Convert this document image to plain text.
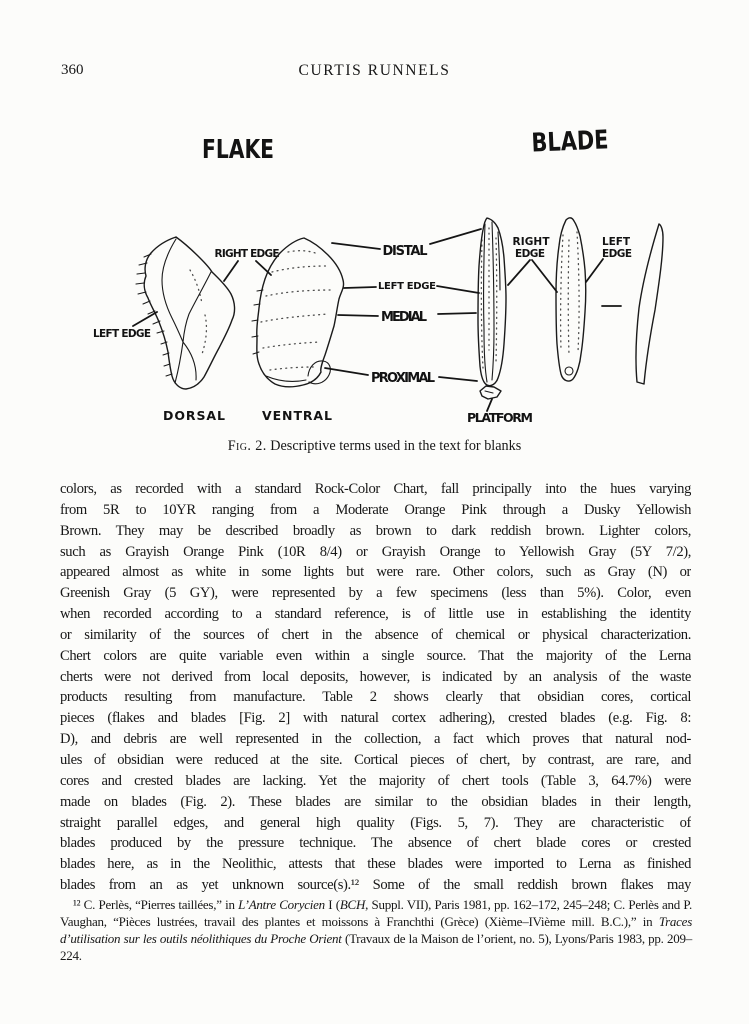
360	CURTIS RUNNELS
FLAKE	BLADE
RIGHT EDGE
LEFT EDGE
DISTAL
LEFT EDGE
MEDIAL
PROXIMAL
RIGHT
EDGE
LEFT
EDGE
DORSAL	VENTRAL	PLATFORM
Fig. 2. Descriptive terms used in the text for blanks
colors, as recorded with a standard Rock-Color Chart, fall principally into the hues varying
from 5R to 10YR ranging from a Moderate Orange Pink through a Dusky Yellowish
Brown. They may be described broadly as brown to dark reddish brown. Lighter colors,
such as Grayish Orange Pink (10R 8/4) or Grayish Orange to Yellowish Gray (5Y 7/2),
appeared almost as white in some lights but were rare. Other colors, such as Gray (N) or
Greenish Gray (5 GY), were represented by a few specimens (less than 5%). Color, even
when recorded according to a standard reference, is of little use in establishing the identity
or similarity of the sources of chert in the absence of chemical or physical characterization.
Chert colors are quite variable even within a single source. That the majority of the Lerna
cherts were not derived from local deposits, however, is indicated by an analysis of the waste
products resulting from manufacture. Table 2 shows clearly that obsidian cores, cortical
pieces (flakes and blades [Fig. 2] with natural cortex adhering), crested blades (e.g. Fig. 8:
D), and debris are well represented in the collection, a fact which proves that natural nod-
ules of obsidian were reduced at the site. Cortical pieces of chert, by contrast, are rare, and
cores and crested blades are lacking. Yet the majority of chert tools (Table 3, 64.7%) were
made on blades (Fig. 2). These blades are similar to the obsidian blades in their length,
straight parallel edges, and general high quality (Figs. 5, 7). They are characteristic of
blades produced by the pressure technique. The absence of chert blade cores or crested
blades here, as in the Neolithic, attests that these blades were imported to Lerna as finished
blades from an as yet unknown source(s).¹² Some of the small reddish brown flakes may
¹² C. Perlès, “Pierres taillées,” in L’Antre Corycien I (BCH, Suppl. VII), Paris 1981, pp. 162–172, 245–248; C. Perlès and P. Vaughan, “Pièces lustrées, travail des plantes et moissons à Franchthi (Grèce) (Xième–IVième mill. B.C.),” in Traces d’utilisation sur les outils néolithiques du Proche Orient (Travaux de la Maison de l’orient, no. 5), Lyons/Paris 1983, pp. 209–224.
